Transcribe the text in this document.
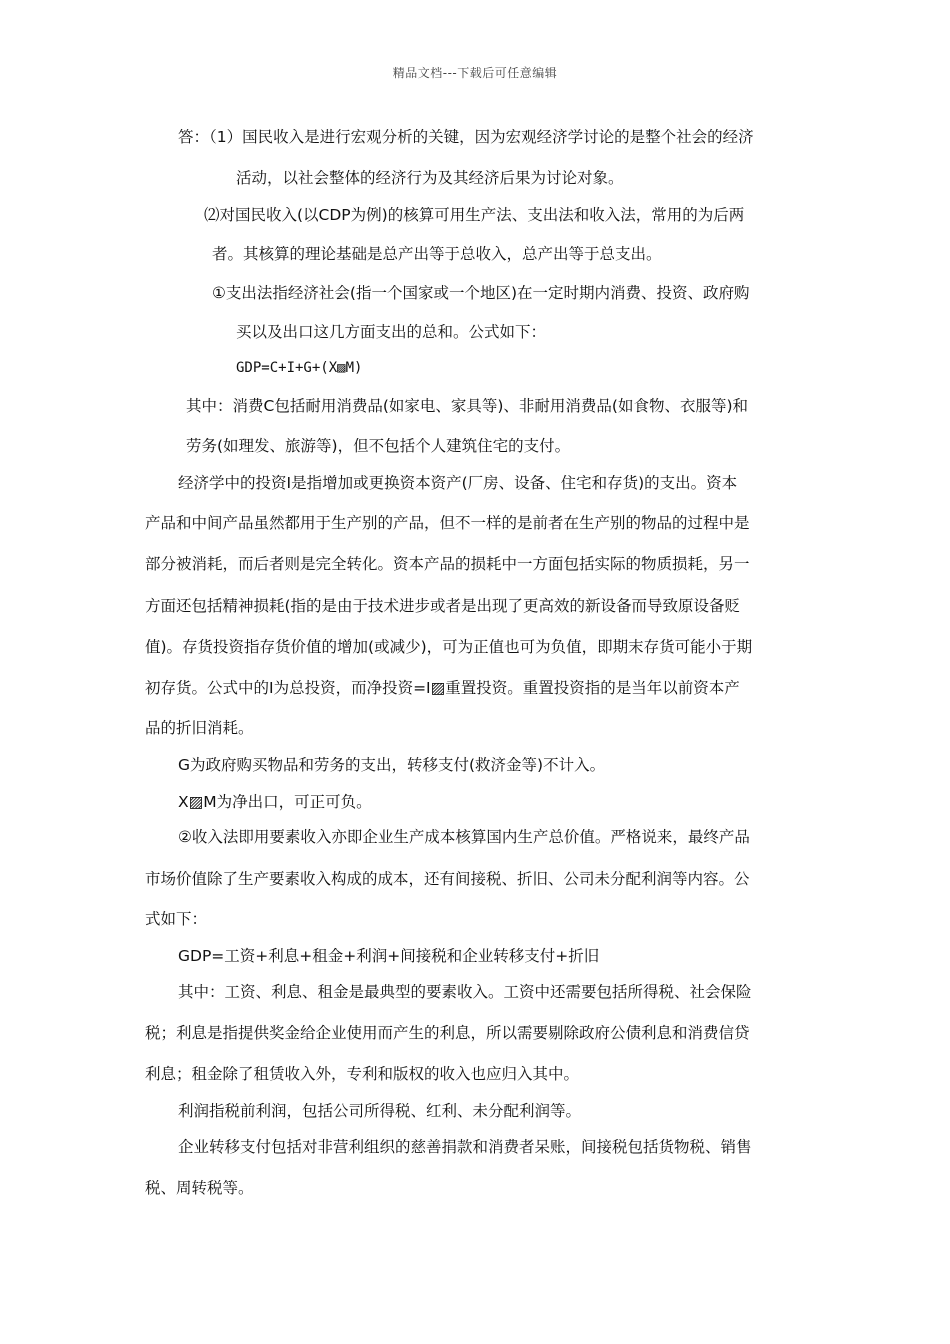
精品文档---下载后可任意编辑
答：（1）国民收入是进行宏观分析的关键，因为宏观经济学讨论的是整个社会的经济
活动，以社会整体的经济行为及其经济后果为讨论对象。
⑵对国民收入(以CDP为例)的核算可用生产法、支出法和收入法，常用的为后两
者。其核算的理论基础是总产出等于总收入，总产出等于总支出。
①支出法指经济社会(指一个国家或一个地区)在一定时期内消费、投资、政府购
买以及出口这几方面支出的总和。公式如下：
GDP=C+I+G+(X▨M)
其中：消费C包括耐用消费品(如家电、家具等)、非耐用消费品(如食物、衣服等)和
劳务(如理发、旅游等)，但不包括个人建筑住宅的支付。
经济学中的投资I是指增加或更换资本资产(厂房、设备、住宅和存货)的支出。资本
产品和中间产品虽然都用于生产别的产品，但不一样的是前者在生产别的物品的过程中是
部分被消耗，而后者则是完全转化。资本产品的损耗中一方面包括实际的物质损耗，另一
方面还包括精神损耗(指的是由于技术进步或者是出现了更高效的新设备而导致原设备贬
值)。存货投资指存货价值的增加(或减少)，可为正值也可为负值，即期末存货可能小于期
初存货。公式中的I为总投资，而净投资=I▨重置投资。重置投资指的是当年以前资本产
品的折旧消耗。
G为政府购买物品和劳务的支出，转移支付(救济金等)不计入。
X▨M为净出口，可正可负。
②收入法即用要素收入亦即企业生产成本核算国内生产总价值。严格说来，最终产品
市场价值除了生产要素收入构成的成本，还有间接税、折旧、公司未分配利润等内容。公
式如下：
GDP=工资+利息+租金+利润+间接税和企业转移支付+折旧
其中：工资、利息、租金是最典型的要素收入。工资中还需要包括所得税、社会保险
税；利息是指提供奖金给企业使用而产生的利息，所以需要剔除政府公债利息和消费信贷
利息；租金除了租赁收入外，专利和版权的收入也应归入其中。
利润指税前利润，包括公司所得税、红利、未分配利润等。
企业转移支付包括对非营利组织的慈善捐款和消费者呆账，间接税包括货物税、销售
税、周转税等。
